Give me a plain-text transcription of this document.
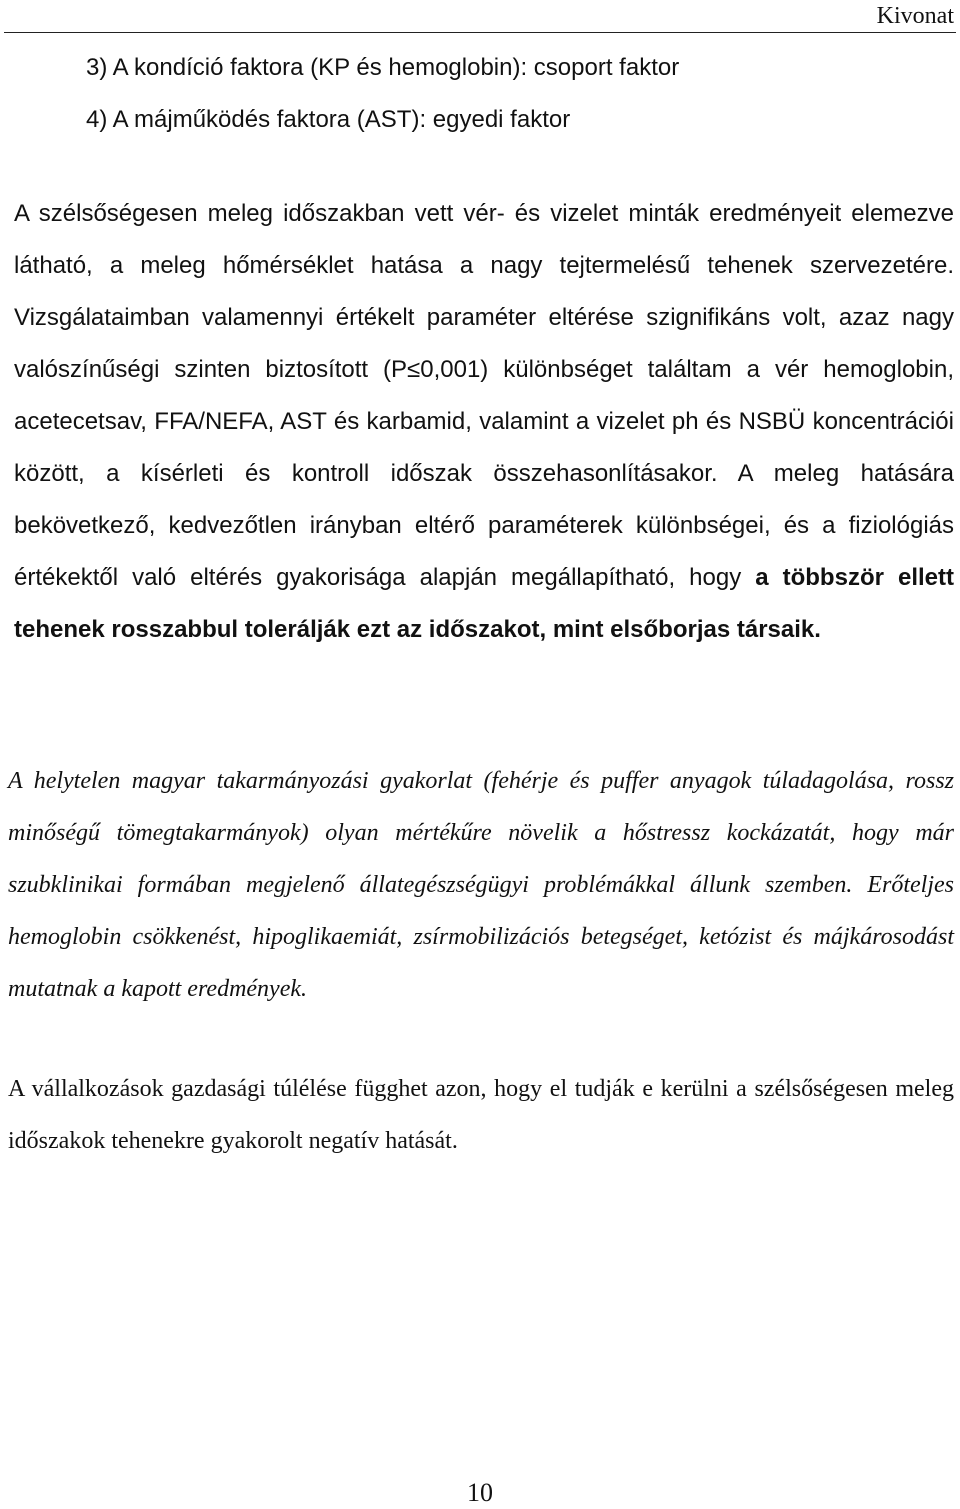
Kivonat
3) A kondíció faktora (KP és hemoglobin): csoport faktor
4) A májműködés faktora (AST): egyedi faktor

A szélsőségesen meleg időszakban vett vér- és vizelet minták eredményeit elemezve látható, a meleg hőmérséklet hatása a nagy tejtermelésű tehenek szervezetére. Vizsgálataimban valamennyi értékelt paraméter eltérése szignifikáns volt, azaz nagy valószínűségi szinten biztosított (P≤0,001) különbséget találtam a vér hemoglobin, acetecetsav, FFA/NEFA, AST és karbamid, valamint a vizelet ph és NSBÜ koncentrációi között, a kísérleti és kontroll időszak összehasonlításakor. A meleg hatására bekövetkező, kedvezőtlen irányban eltérő paraméterek különbségei, és a fiziológiás értékektől való eltérés gyakorisága alapján megállapítható, hogy a többször ellett tehenek rosszabbul tolerálják ezt az időszakot, mint elsőborjas társaik.

A helytelen magyar takarmányozási gyakorlat (fehérje és puffer anyagok túladagolása, rossz minőségű tömegtakarmányok) olyan mértékűre növelik a hőstressz kockázatát, hogy már szubklinikai formában megjelenő állategészségügyi problémákkal állunk szemben. Erőteljes hemoglobin csökkenést, hipoglikaemiát, zsírmobilizációs betegséget, ketózist és májkárosodást mutatnak a kapott eredmények.

A vállalkozások gazdasági túlélése függhet azon, hogy el tudják e kerülni a szélsőségesen meleg időszakok tehenekre gyakorolt negatív hatását.

10
